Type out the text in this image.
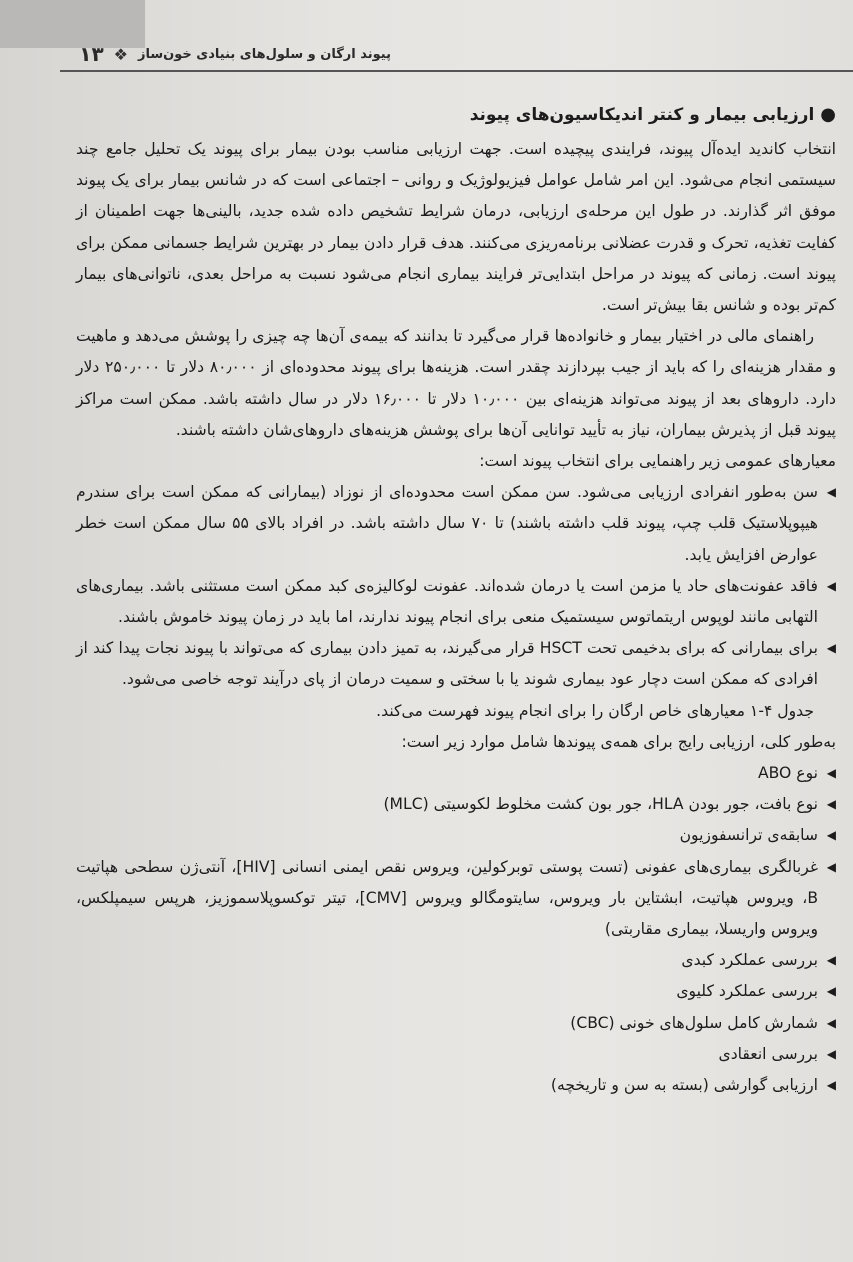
پیوند ارگان و سلول‌های بنیادی خون‌ساز
❖
۱۳
●
ارزیابی بیمار و کنتر اندیکاسیون‌های پیوند

انتخاب کاندید ایده‌آل پیوند، فرایندی پیچیده است. جهت ارزیابی مناسب بودن بیمار برای پیوند یک تحلیل جامع چند سیستمی انجام می‌شود. این امر شامل عوامل فیزیولوژیک و روانی – اجتماعی است که در شانس بیمار برای یک پیوند موفق اثر گذارند. در طول این مرحله‌ی ارزیابی، درمان شرایط تشخیص داده شده جدید، بالینی‌ها جهت اطمینان از کفایت تغذیه، تحرک و قدرت عضلانی برنامه‌ریزی می‌کنند. هدف قرار دادن بیمار در بهترین شرایط جسمانی ممکن برای پیوند است. زمانی که پیوند در مراحل ابتدایی‌تر فرایند بیماری انجام می‌شود نسبت به مراحل بعدی، ناتوانی‌های بیمار کم‌تر بوده و شانس بقا بیش‌تر است.

راهنمای مالی در اختیار بیمار و خانواده‌ها قرار می‌گیرد تا بدانند که بیمه‌ی آن‌ها چه چیزی را پوشش می‌دهد و ماهیت و مقدار هزینه‌ای را که باید از جیب بپردازند چقدر است. هزینه‌ها برای پیوند محدوده‌ای از ۸۰٫۰۰۰ دلار تا ۲۵۰٫۰۰۰ دلار دارد. داروهای بعد از پیوند می‌تواند هزینه‌ای بین ۱۰٫۰۰۰ دلار تا ۱۶٫۰۰۰ دلار در سال داشته باشد. ممکن است مراکز پیوند قبل از پذیرش بیماران، نیاز به تأیید توانایی آن‌ها برای پوشش هزینه‌های داروهای‌شان داشته باشند.

معیارهای عمومی زیر راهنمایی برای انتخاب پیوند است:

◀
سن به‌طور انفرادی ارزیابی می‌شود. سن ممکن است محدوده‌ای از نوزاد (بیمارانی که ممکن است برای سندرم هیپوپلاستیک قلب چپ، پیوند قلب داشته باشند) تا ۷۰ سال داشته باشد. در افراد بالای ۵۵ سال ممکن است خطر عوارض افزایش یابد.
◀
فاقد عفونت‌های حاد یا مزمن است یا درمان شده‌اند. عفونت لوکالیزه‌ی کبد ممکن است مستثنی باشد. بیماری‌های التهابی مانند لوپوس اریتماتوس سیستمیک منعی برای انجام پیوند ندارند، اما باید در زمان پیوند خاموش باشند.
◀
برای بیمارانی که برای بدخیمی تحت HSCT قرار می‌گیرند، به تمیز دادن بیماری که می‌تواند با پیوند نجات پیدا کند از افرادی که ممکن است دچار عود بیماری شوند یا با سختی و سمیت درمان از پای درآیند توجه خاصی می‌شود.

جدول ۴-۱ معیارهای خاص ارگان را برای انجام پیوند فهرست می‌کند.

به‌طور کلی، ارزیابی رایج برای همه‌ی پیوندها شامل موارد زیر است:

◀
نوع ABO
◀
نوع بافت، جور بودن HLA، جور بون کشت مخلوط لکوسیتی (MLC)
◀
سابقه‌ی ترانسفوزیون
◀
غربالگری بیماری‌های عفونی (تست پوستی توبرکولین، ویروس نقص ایمنی انسانی [HIV]، آنتی‌ژن سطحی هپاتیت B، ویروس هپاتیت، ابشتاین بار ویروس، سایتومگالو ویروس [CMV]، تیتر توکسوپلاسموزیز، هرپس سیمپلکس، ویروس واریسلا، بیماری مقاربتی)
◀
بررسی عملکرد کبدی
◀
بررسی عملکرد کلیوی
◀
شمارش کامل سلول‌های خونی (CBC)
◀
بررسی انعقادی
◀
ارزیابی گوارشی (بسته به سن و تاریخچه)
